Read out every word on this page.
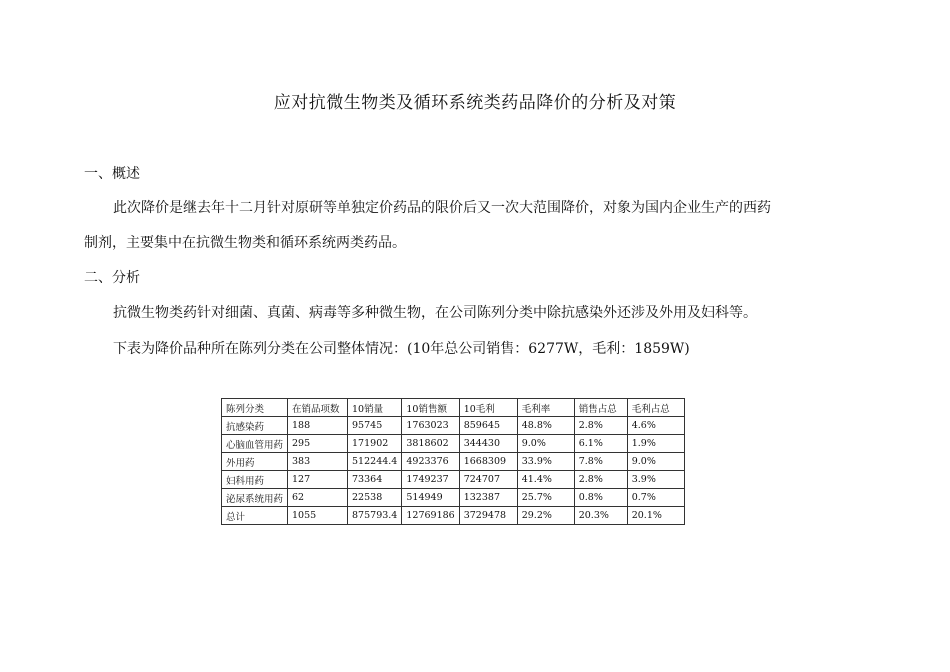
应对抗微生物类及循环系统类药品降价的分析及对策
一、概述
此次降价是继去年十二月针对原研等单独定价药品的限价后又一次大范围降价，对象为国内企业生产的西药
制剂，主要集中在抗微生物类和循环系统两类药品。
二、分析
抗微生物类药针对细菌、真菌、病毒等多种微生物，在公司陈列分类中除抗感染外还涉及外用及妇科等。
下表为降价品种所在陈列分类在公司整体情况：(10年总公司销售：6277W，毛利：1859W)
陈列分类	在销品项数	10销量	10销售额	10毛利	毛利率	销售占总	毛利占总
抗感染药	188	95745	1763023	859645	48.8%	2.8%	4.6%
心脑血管用药	295	171902	3818602	344430	9.0%	6.1%	1.9%
外用药	383	512244.4	4923376	1668309	33.9%	7.8%	9.0%
妇科用药	127	73364	1749237	724707	41.4%	2.8%	3.9%
泌尿系统用药	62	22538	514949	132387	25.7%	0.8%	0.7%
总计	1055	875793.4	12769186	3729478	29.2%	20.3%	20.1%
